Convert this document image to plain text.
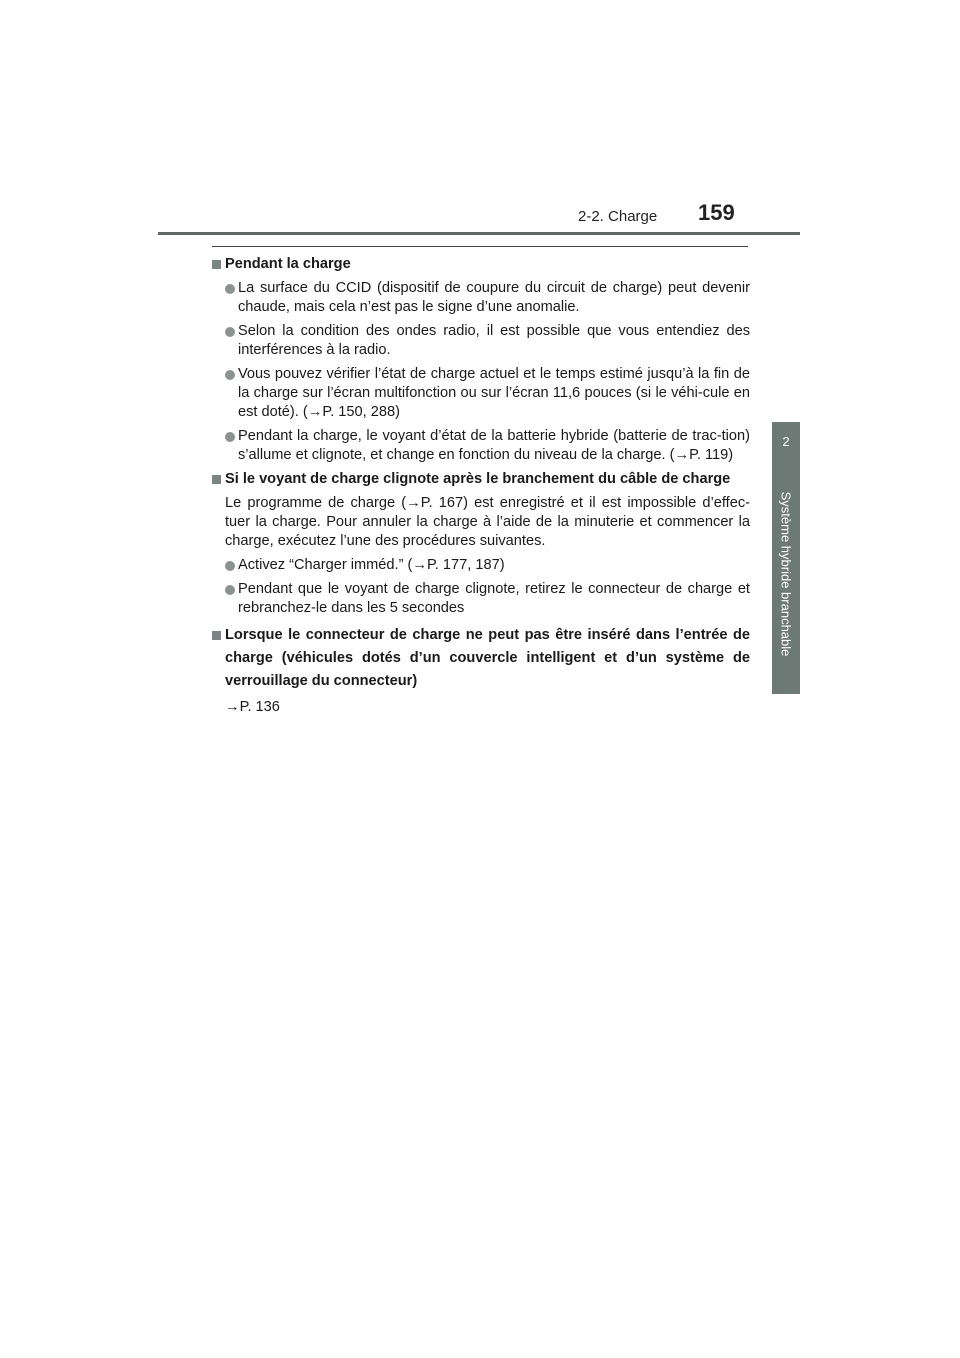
2-2. Charge 159
2
Système hybride branchable
Pendant la charge
La surface du CCID (dispositif de coupure du circuit de charge) peut devenir chaude, mais cela n’est pas le signe d’une anomalie.
Selon la condition des ondes radio, il est possible que vous entendiez des interférences à la radio.
Vous pouvez vérifier l’état de charge actuel et le temps estimé jusqu’à la fin de la charge sur l’écran multifonction ou sur l’écran 11,6 pouces (si le véhi-cule en est doté). (→P. 150, 288)
Pendant la charge, le voyant d’état de la batterie hybride (batterie de trac-tion) s’allume et clignote, et change en fonction du niveau de la charge. (→P. 119)
Si le voyant de charge clignote après le branchement du câble de charge
Le programme de charge (→P. 167) est enregistré et il est impossible d’effec-tuer la charge. Pour annuler la charge à l’aide de la minuterie et commencer la charge, exécutez l’une des procédures suivantes.
Activez “Charger imméd.” (→P. 177, 187)
Pendant que le voyant de charge clignote, retirez le connecteur de charge et rebranchez-le dans les 5 secondes
Lorsque le connecteur de charge ne peut pas être inséré dans l’entrée de charge (véhicules dotés d’un couvercle intelligent et d’un système de verrouillage du connecteur)
→P. 136
